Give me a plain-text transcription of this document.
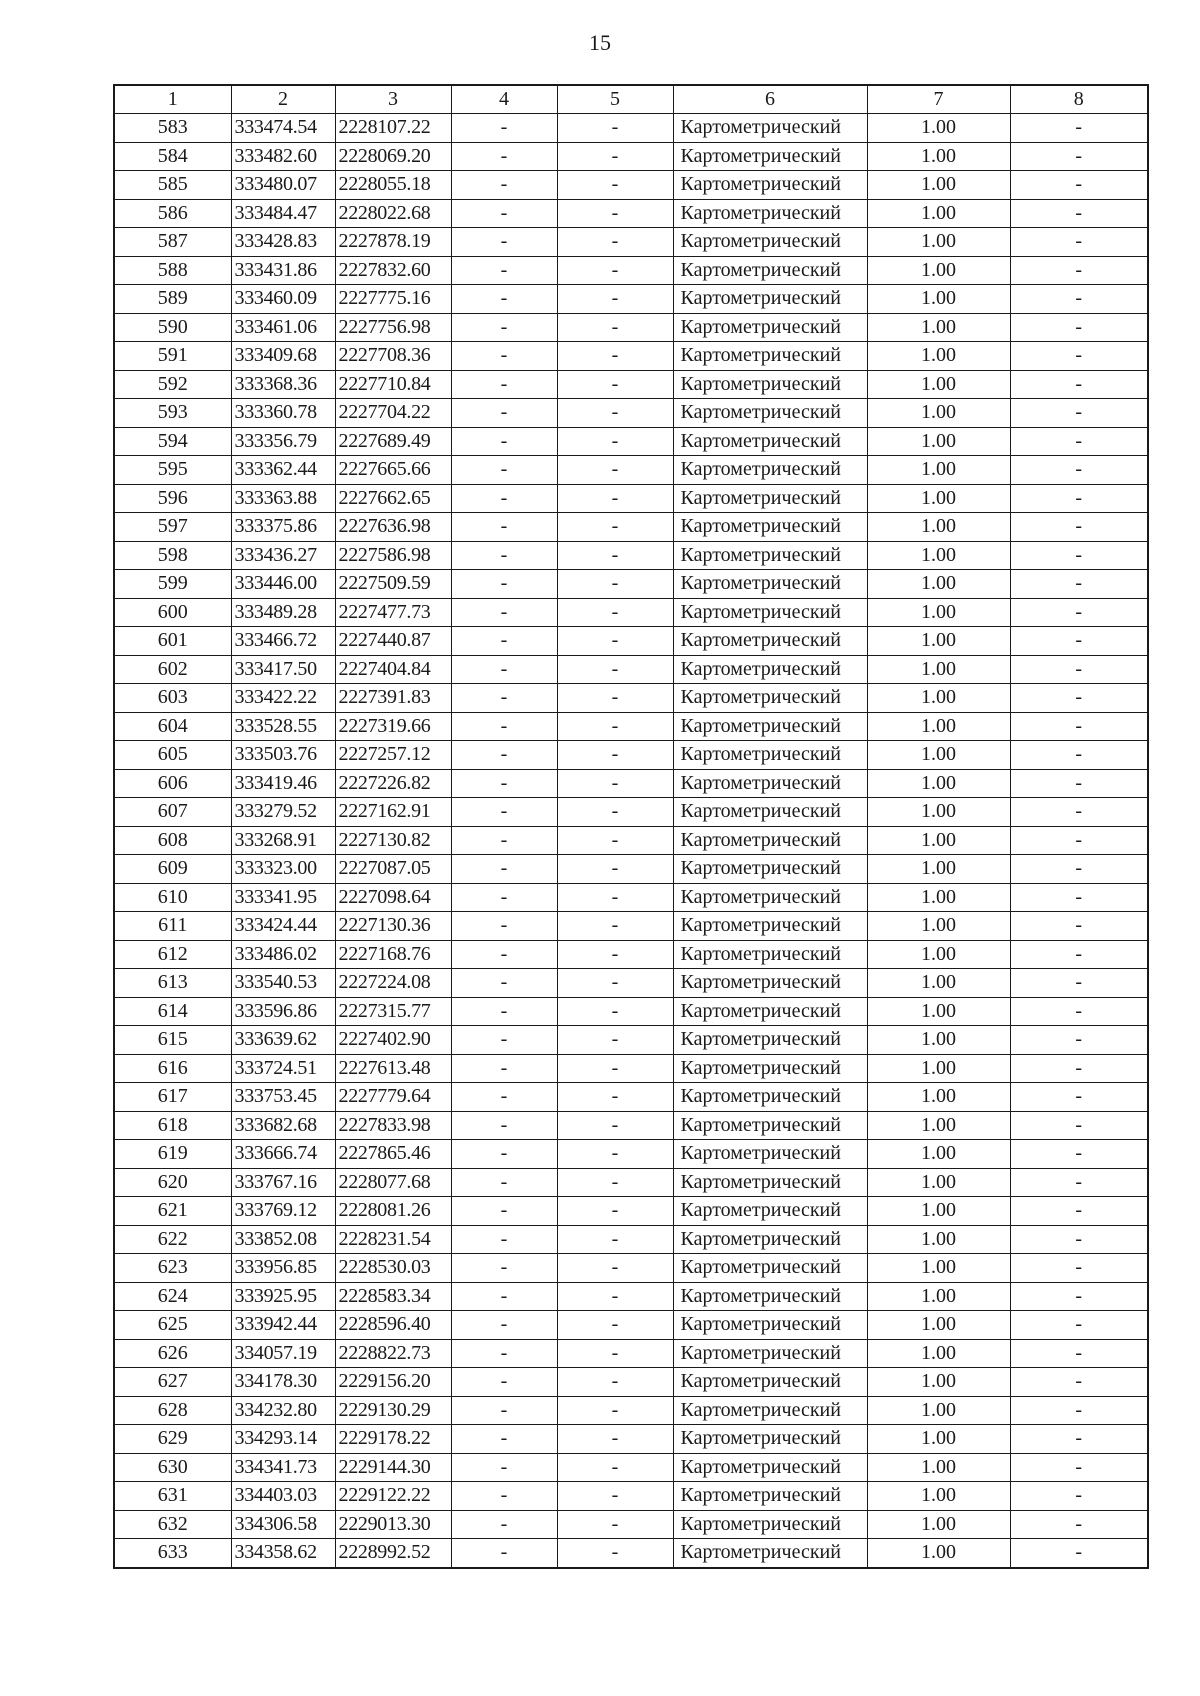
15
1	2	3	4	5	6	7	8
583	333474.54	2228107.22	-	-	Картометрический	1.00	-
584	333482.60	2228069.20	-	-	Картометрический	1.00	-
585	333480.07	2228055.18	-	-	Картометрический	1.00	-
586	333484.47	2228022.68	-	-	Картометрический	1.00	-
587	333428.83	2227878.19	-	-	Картометрический	1.00	-
588	333431.86	2227832.60	-	-	Картометрический	1.00	-
589	333460.09	2227775.16	-	-	Картометрический	1.00	-
590	333461.06	2227756.98	-	-	Картометрический	1.00	-
591	333409.68	2227708.36	-	-	Картометрический	1.00	-
592	333368.36	2227710.84	-	-	Картометрический	1.00	-
593	333360.78	2227704.22	-	-	Картометрический	1.00	-
594	333356.79	2227689.49	-	-	Картометрический	1.00	-
595	333362.44	2227665.66	-	-	Картометрический	1.00	-
596	333363.88	2227662.65	-	-	Картометрический	1.00	-
597	333375.86	2227636.98	-	-	Картометрический	1.00	-
598	333436.27	2227586.98	-	-	Картометрический	1.00	-
599	333446.00	2227509.59	-	-	Картометрический	1.00	-
600	333489.28	2227477.73	-	-	Картометрический	1.00	-
601	333466.72	2227440.87	-	-	Картометрический	1.00	-
602	333417.50	2227404.84	-	-	Картометрический	1.00	-
603	333422.22	2227391.83	-	-	Картометрический	1.00	-
604	333528.55	2227319.66	-	-	Картометрический	1.00	-
605	333503.76	2227257.12	-	-	Картометрический	1.00	-
606	333419.46	2227226.82	-	-	Картометрический	1.00	-
607	333279.52	2227162.91	-	-	Картометрический	1.00	-
608	333268.91	2227130.82	-	-	Картометрический	1.00	-
609	333323.00	2227087.05	-	-	Картометрический	1.00	-
610	333341.95	2227098.64	-	-	Картометрический	1.00	-
611	333424.44	2227130.36	-	-	Картометрический	1.00	-
612	333486.02	2227168.76	-	-	Картометрический	1.00	-
613	333540.53	2227224.08	-	-	Картометрический	1.00	-
614	333596.86	2227315.77	-	-	Картометрический	1.00	-
615	333639.62	2227402.90	-	-	Картометрический	1.00	-
616	333724.51	2227613.48	-	-	Картометрический	1.00	-
617	333753.45	2227779.64	-	-	Картометрический	1.00	-
618	333682.68	2227833.98	-	-	Картометрический	1.00	-
619	333666.74	2227865.46	-	-	Картометрический	1.00	-
620	333767.16	2228077.68	-	-	Картометрический	1.00	-
621	333769.12	2228081.26	-	-	Картометрический	1.00	-
622	333852.08	2228231.54	-	-	Картометрический	1.00	-
623	333956.85	2228530.03	-	-	Картометрический	1.00	-
624	333925.95	2228583.34	-	-	Картометрический	1.00	-
625	333942.44	2228596.40	-	-	Картометрический	1.00	-
626	334057.19	2228822.73	-	-	Картометрический	1.00	-
627	334178.30	2229156.20	-	-	Картометрический	1.00	-
628	334232.80	2229130.29	-	-	Картометрический	1.00	-
629	334293.14	2229178.22	-	-	Картометрический	1.00	-
630	334341.73	2229144.30	-	-	Картометрический	1.00	-
631	334403.03	2229122.22	-	-	Картометрический	1.00	-
632	334306.58	2229013.30	-	-	Картометрический	1.00	-
633	334358.62	2228992.52	-	-	Картометрический	1.00	-
